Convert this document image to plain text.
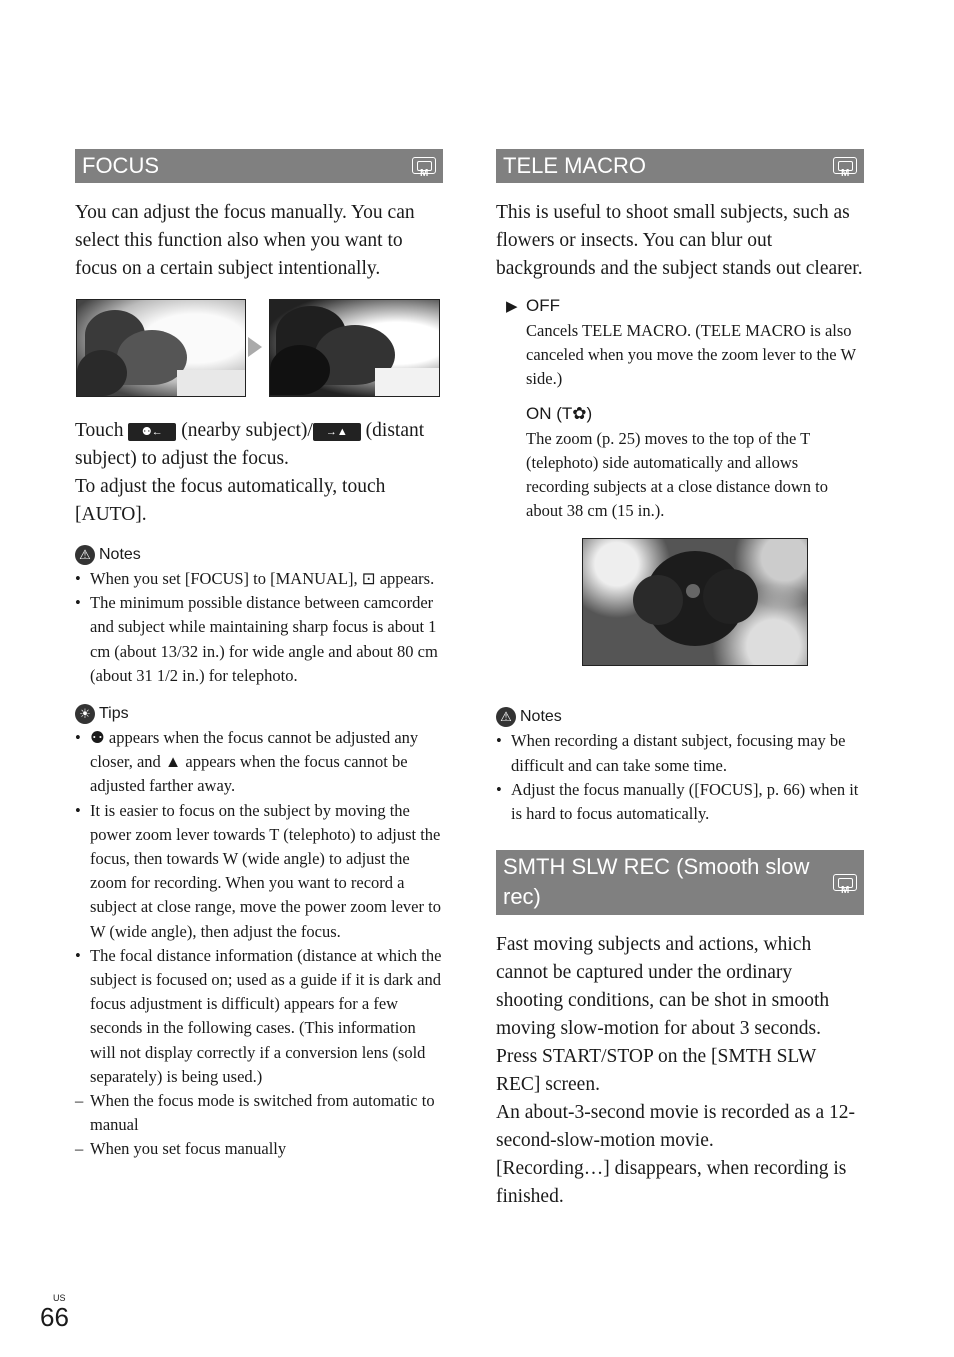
FOCUS	M

You can adjust the focus manually. You can select this function also when you want to focus on a certain subject intentionally.

Touch ⚉← (nearby subject)/ →▲ (distant subject) to adjust the focus.

To adjust the focus automatically, touch [AUTO].

⚠ Notes
• When you set [FOCUS] to [MANUAL], ⊡ appears.
• The minimum possible distance between camcorder and subject while maintaining sharp focus is about 1 cm (about 13/32 in.) for wide angle and about 80 cm (about 31 1/2 in.) for telephoto.
☀ Tips
• ⚉ appears when the focus cannot be adjusted any closer, and ▲ appears when the focus cannot be adjusted farther away.
• It is easier to focus on the subject by moving the power zoom lever towards T (telephoto) to adjust the focus, then towards W (wide angle) to adjust the zoom for recording. When you want to record a subject at close range, move the power zoom lever to W (wide angle), then adjust the focus.
• The focal distance information (distance at which the subject is focused on; used as a guide if it is dark and focus adjustment is difficult) appears for a few seconds in the following cases. (This information will not display correctly if a conversion lens (sold separately) is being used.)
– When the focus mode is switched from automatic to manual
– When you set focus manually
TELE MACRO	M

This is useful to shoot small subjects, such as flowers or insects. You can blur out backgrounds and the subject stands out clearer.

▶ OFF
Cancels TELE MACRO. (TELE MACRO is also canceled when you move the zoom lever to the W side.)
ON (T✿)
The zoom (p. 25) moves to the top of the T (telephoto) side automatically and allows recording subjects at a close distance down to about 38 cm (15 in.).
⚠ Notes
• When recording a distant subject, focusing may be difficult and can take some time.
• Adjust the focus manually ([FOCUS], p. 66) when it is hard to focus automatically.
SMTH SLW REC (Smooth slow rec)	M

Fast moving subjects and actions, which cannot be captured under the ordinary shooting conditions, can be shot in smooth moving slow-motion for about 3 seconds.

Press START/STOP on the [SMTH SLW REC] screen.

An about-3-second movie is recorded as a 12-second-slow-motion movie.

[Recording…] disappears, when recording is finished.

US
66
